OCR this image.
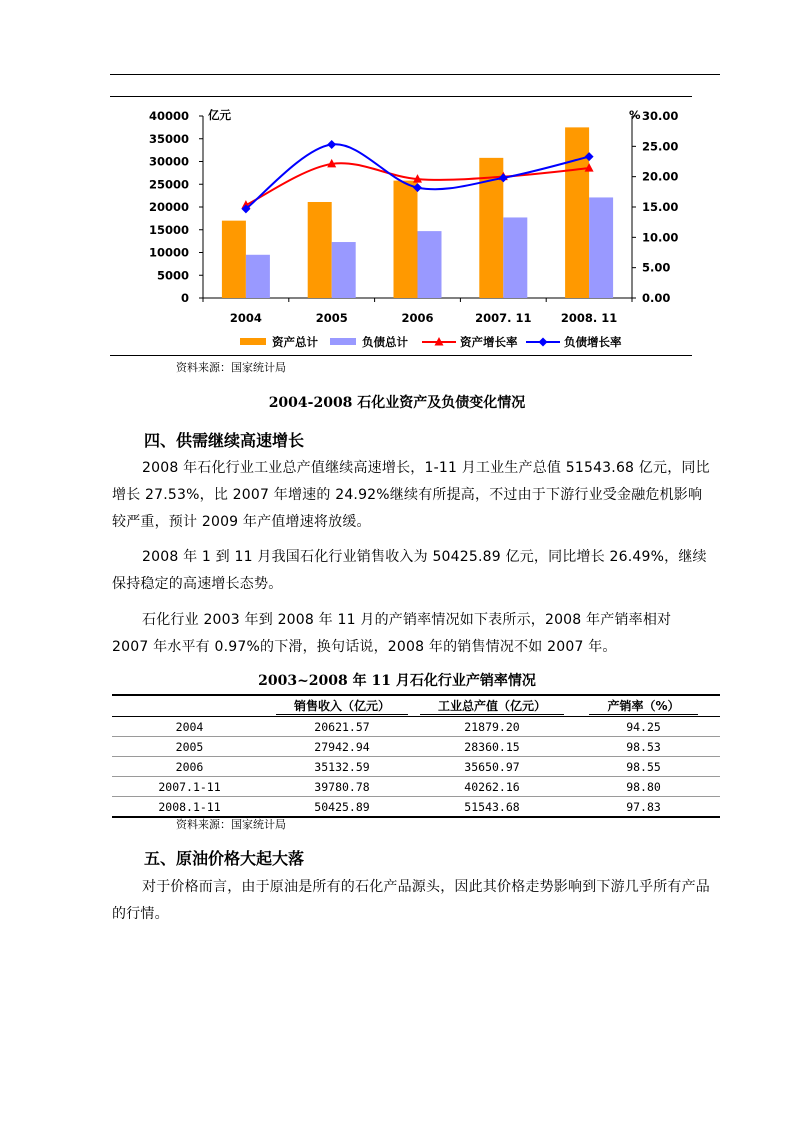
0
5000
10000
15000
20000
25000
30000
35000
40000
0.00
5.00
10.00
15.00
20.00
25.00
30.00
亿元	%
2004	2005	2006	2007. 11	2008. 11
资产总计	负债总计	资产增长率	负债增长率
资料来源：国家统计局
2004-2008 石化业资产及负债变化情况
四、供需继续高速增长

2008 年石化行业工业总产值继续高速增长，1-11 月工业生产总值 51543.68 亿元，同比增长 27.53%，比 2007 年增速的 24.92%继续有所提高，不过由于下游行业受金融危机影响较严重，预计 2009 年产值增速将放缓。

2008 年 1 到 11 月我国石化行业销售收入为 50425.89 亿元，同比增长 26.49%，继续保持稳定的高速增长态势。

石化行业 2003 年到 2008 年 11 月的产销率情况如下表所示，2008 年产销率相对 2007 年水平有 0.97%的下滑，换句话说，2008 年的销售情况不如 2007 年。

2003~2008 年 11 月石化行业产销率情况
	销售收入（亿元）	工业总产值（亿元）	产销率（%）
2004	20621.57	21879.20	94.25
2005	27942.94	28360.15	98.53
2006	35132.59	35650.97	98.55
2007.1-11	39780.78	40262.16	98.80
2008.1-11	50425.89	51543.68	97.83
资料来源：国家统计局
五、原油价格大起大落

对于价格而言，由于原油是所有的石化产品源头，因此其价格走势影响到下游几乎所有产品的行情。
